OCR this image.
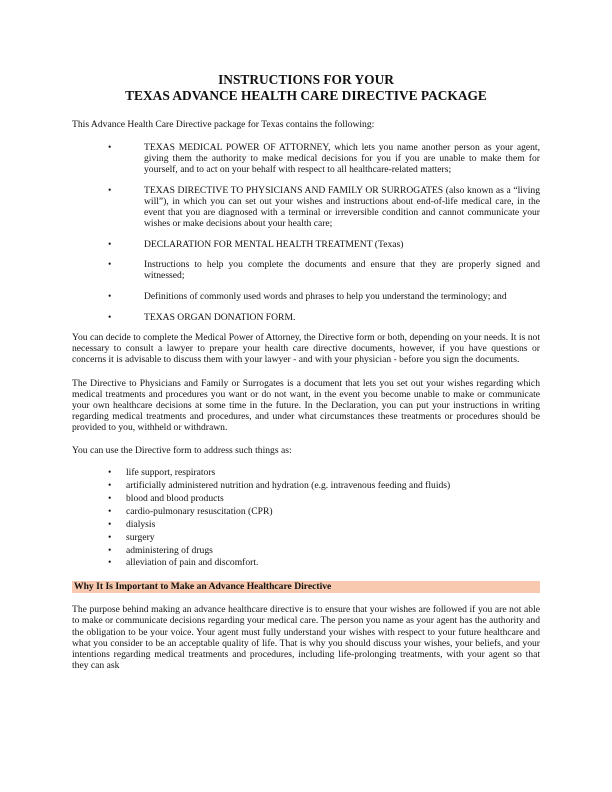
INSTRUCTIONS FOR YOUR
TEXAS ADVANCE HEALTH CARE DIRECTIVE PACKAGE

This Advance Health Care Directive package for Texas contains the following:

•	TEXAS MEDICAL POWER OF ATTORNEY, which lets you name another person as your agent, giving them the authority to make medical decisions for you if you are unable to make them for yourself, and to act on your behalf with respect to all healthcare-related matters;
•	TEXAS DIRECTIVE TO PHYSICIANS AND FAMILY OR SURROGATES (also known as a “living will”), in which you can set out your wishes and instructions about end-of-life medical care, in the event that you are diagnosed with a terminal or irreversible condition and cannot communicate your wishes or make decisions about your health care;
•	DECLARATION FOR MENTAL HEALTH TREATMENT (Texas)
•	Instructions to help you complete the documents and ensure that they are properly signed and witnessed;
•	Definitions of commonly used words and phrases to help you understand the terminology; and
•	TEXAS ORGAN DONATION FORM.

You can decide to complete the Medical Power of Attorney, the Directive form or both, depending on your needs. It is not necessary to consult a lawyer to prepare your health care directive documents, however, if you have questions or concerns it is advisable to discuss them with your lawyer - and with your physician - before you sign the documents.

The Directive to Physicians and Family or Surrogates is a document that lets you set out your wishes regarding which medical treatments and procedures you want or do not want, in the event you become unable to make or communicate your own healthcare decisions at some time in the future. In the Declaration, you can put your instructions in writing regarding medical treatments and procedures, and under what circumstances these treatments or procedures should be provided to you, withheld or withdrawn.

You can use the Directive form to address such things as:

• life support, respirators
• artificially administered nutrition and hydration (e.g. intravenous feeding and fluids)
• blood and blood products
• cardio-pulmonary resuscitation (CPR)
• dialysis
• surgery
• administering of drugs
• alleviation of pain and discomfort.
Why It Is Important to Make an Advance Healthcare Directive

The purpose behind making an advance healthcare directive is to ensure that your wishes are followed if you are not able to make or communicate decisions regarding your medical care. The person you name as your agent has the authority and the obligation to be your voice. Your agent must fully understand your wishes with respect to your future healthcare and what you consider to be an acceptable quality of life. That is why you should discuss your wishes, your beliefs, and your intentions regarding medical treatments and procedures, including life-prolonging treatments, with your agent so that they can ask
